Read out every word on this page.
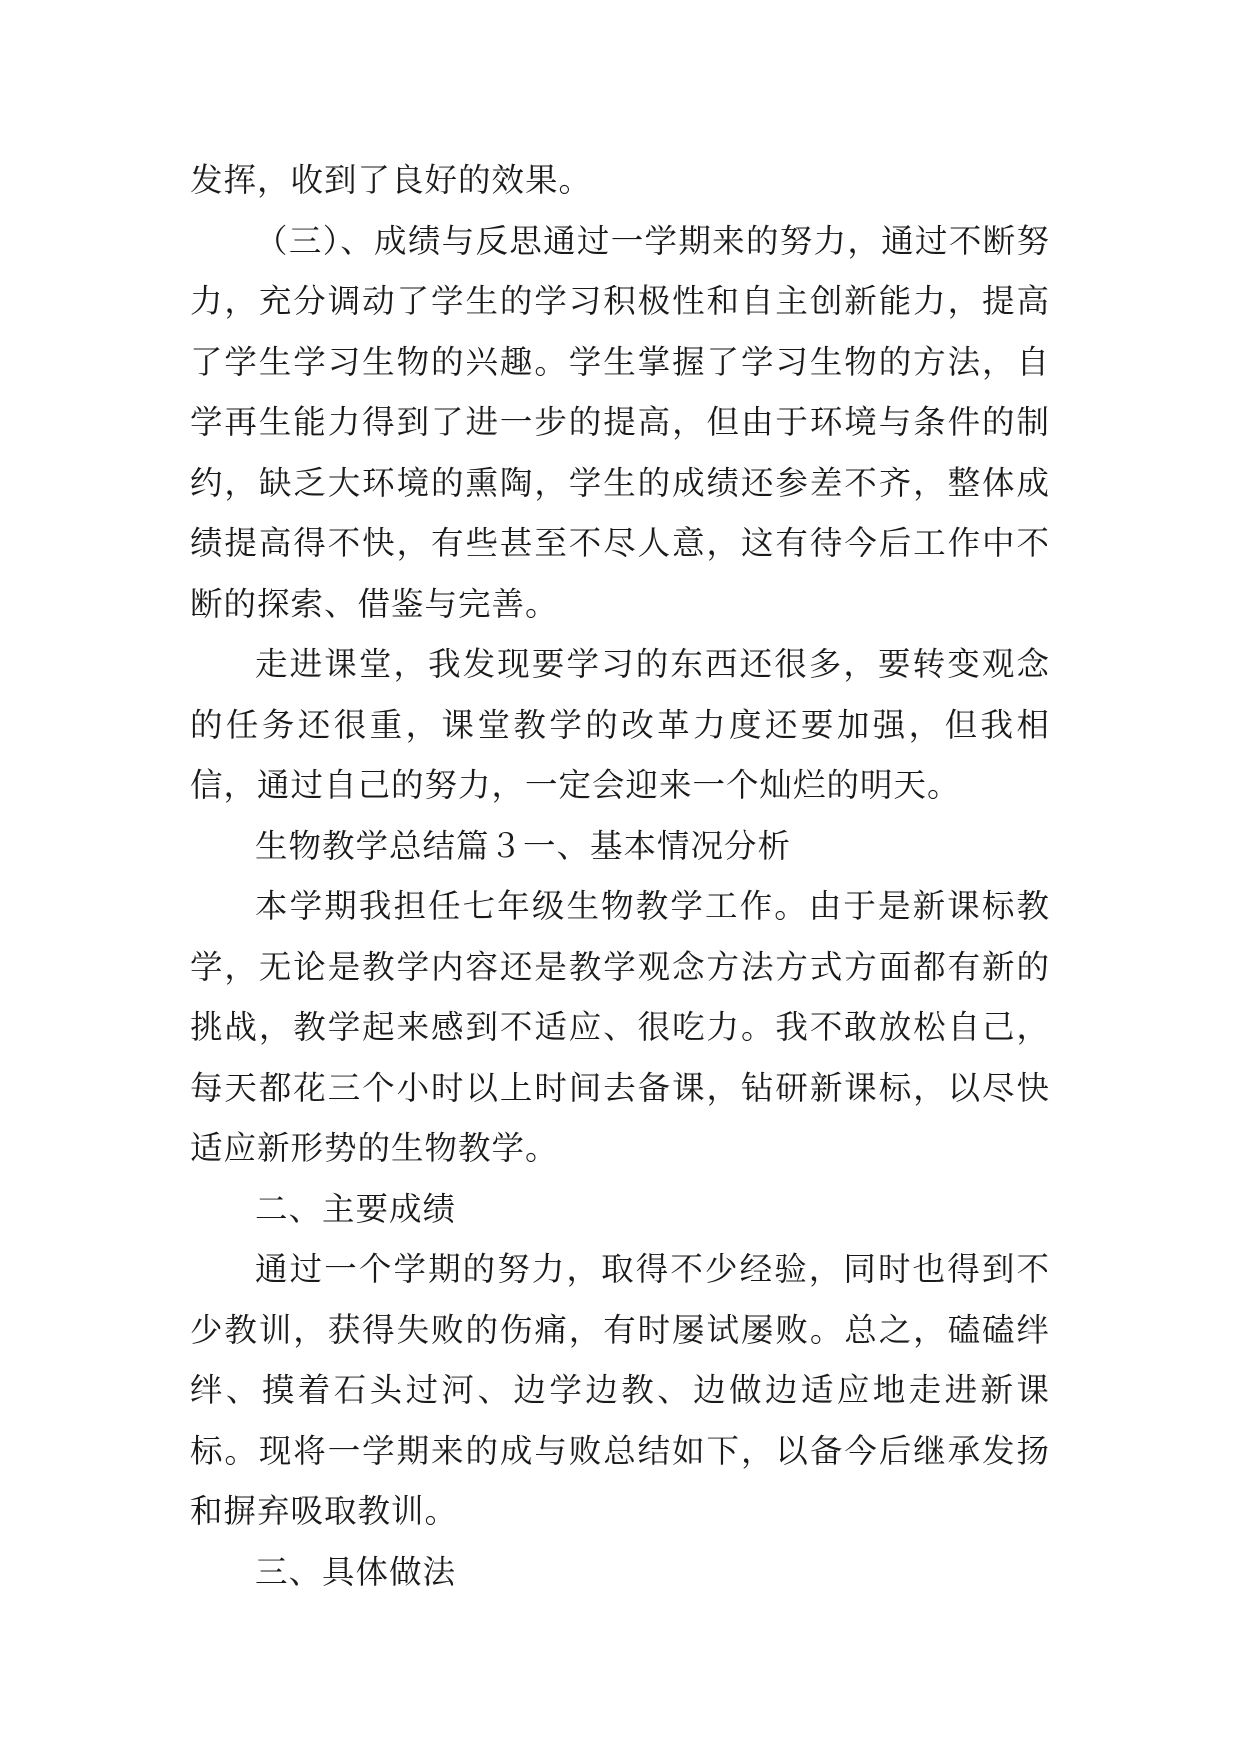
发挥，收到了良好的效果。

（三）、成绩与反思通过一学期来的努力，通过不断努力，充分调动了学生的学习积极性和自主创新能力，提高了学生学习生物的兴趣。学生掌握了学习生物的方法，自学再生能力得到了进一步的提高，但由于环境与条件的制约，缺乏大环境的熏陶，学生的成绩还参差不齐，整体成绩提高得不快，有些甚至不尽人意，这有待今后工作中不断的探索、借鉴与完善。

走进课堂，我发现要学习的东西还很多，要转变观念的任务还很重，课堂教学的改革力度还要加强，但我相信，通过自己的努力，一定会迎来一个灿烂的明天。

生物教学总结篇３一、基本情况分析

本学期我担任七年级生物教学工作。由于是新课标教学，无论是教学内容还是教学观念方法方式方面都有新的挑战，教学起来感到不适应、很吃力。我不敢放松自己，每天都花三个小时以上时间去备课，钻研新课标，以尽快适应新形势的生物教学。

二、主要成绩

通过一个学期的努力，取得不少经验，同时也得到不少教训，获得失败的伤痛，有时屡试屡败。总之，磕磕绊绊、摸着石头过河、边学边教、边做边适应地走进新课标。现将一学期来的成与败总结如下，以备今后继承发扬和摒弃吸取教训。

三、具体做法
